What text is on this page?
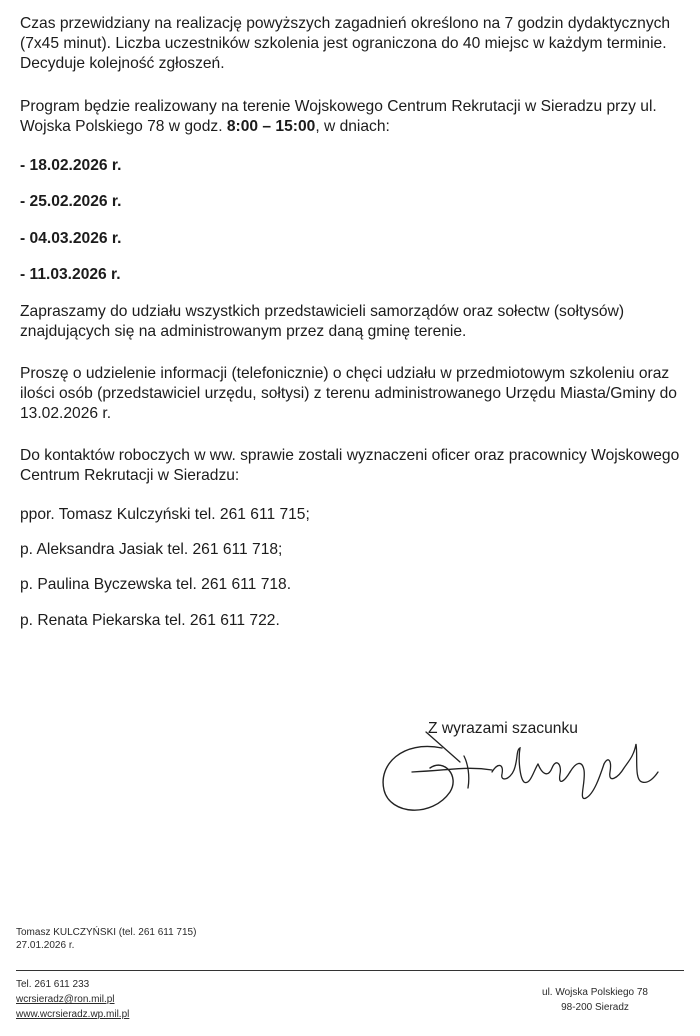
Czas przewidziany na realizację powyższych zagadnień określono na 7 godzin dydaktycznych (7x45 minut). Liczba uczestników szkolenia jest ograniczona do 40 miejsc w każdym terminie. Decyduje kolejność zgłoszeń.
Program będzie realizowany na terenie Wojskowego Centrum Rekrutacji w Sieradzu przy ul. Wojska Polskiego 78 w godz. 8:00 – 15:00, w dniach:
- 18.02.2026 r.
- 25.02.2026 r.
- 04.03.2026 r.
- 11.03.2026 r.
Zapraszamy do udziału wszystkich przedstawicieli samorządów oraz sołectw (sołtysów) znajdujących się na administrowanym przez daną gminę terenie.
Proszę o udzielenie informacji (telefonicznie) o chęci udziału w przedmiotowym szkoleniu oraz ilości osób (przedstawiciel urzędu, sołtysi) z terenu administrowanego Urzędu Miasta/Gminy do 13.02.2026 r.
Do kontaktów roboczych w ww. sprawie zostali wyznaczeni oficer oraz pracownicy Wojskowego Centrum Rekrutacji w Sieradzu:
ppor. Tomasz Kulczyński tel. 261 611 715;
p. Aleksandra Jasiak tel. 261 611 718;
p. Paulina Byczewska tel. 261 611 718.
p. Renata Piekarska tel. 261 611 722.
Z wyrazami szacunku
Tomasz KULCZYŃSKI (tel. 261 611 715)
27.01.2026 r.
Tel. 261 611 233
wcrsieradz@ron.mil.pl
www.wcrsieradz.wp.mil.pl
ul. Wojska Polskiego 78
98-200 Sieradz
